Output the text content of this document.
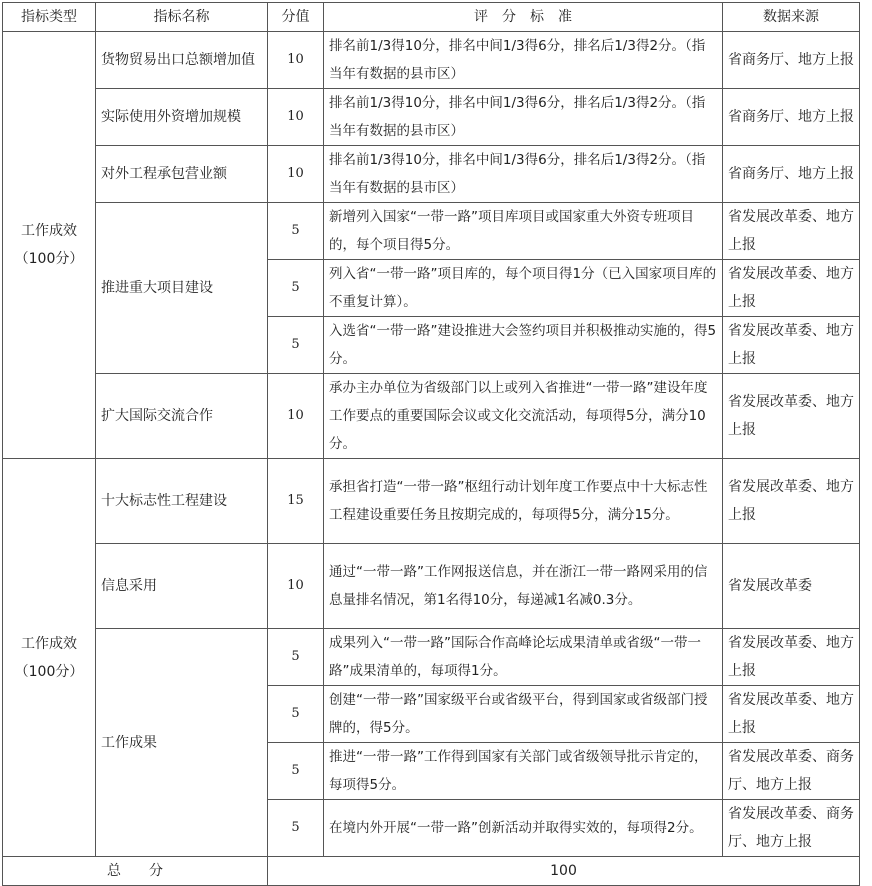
指标类型	指标名称	分值	评　分　标　准	数据来源

工作成效
（100分）	货物贸易出口总额增加值	10	排名前1/3得10分，排名中间1/3得6分，排名后1/3得2分。（指当年有数据的县市区）	省商务厅、地方上报
	实际使用外资增加规模	10	排名前1/3得10分，排名中间1/3得6分，排名后1/3得2分。（指当年有数据的县市区）	省商务厅、地方上报
	对外工程承包营业额	10	排名前1/3得10分，排名中间1/3得6分，排名后1/3得2分。（指当年有数据的县市区）	省商务厅、地方上报
	推进重大项目建设	5	新增列入国家“一带一路”项目库项目或国家重大外资专班项目的，每个项目得5分。	省发展改革委、地方上报
		5	列入省“一带一路”项目库的，每个项目得1分（已入国家项目库的不重复计算）。	省发展改革委、地方上报
		5	入选省“一带一路”建设推进大会签约项目并积极推动实施的，得5分。	省发展改革委、地方上报
	扩大国际交流合作	10	承办主办单位为省级部门以上或列入省推进“一带一路”建设年度工作要点的重要国际会议或文化交流活动，每项得5分，满分10分。	省发展改革委、地方上报

工作成效
（100分）	十大标志性工程建设	15	承担省打造“一带一路”枢纽行动计划年度工作要点中十大标志性工程建设重要任务且按期完成的，每项得5分，满分15分。	省发展改革委、地方上报
	信息采用	10	通过“一带一路”工作网报送信息，并在浙江一带一路网采用的信息量排名情况，第1名得10分，每递减1名减0.3分。	省发展改革委
	工作成果	5	成果列入“一带一路”国际合作高峰论坛成果清单或省级“一带一路”成果清单的，每项得1分。	省发展改革委、地方上报
		5	创建“一带一路”国家级平台或省级平台，得到国家或省级部门授牌的，得5分。	省发展改革委、地方上报
		5	推进“一带一路”工作得到国家有关部门或省级领导批示肯定的，每项得5分。	省发展改革委、商务厅、地方上报
		5	在境内外开展“一带一路”创新活动并取得实效的，每项得2分。	省发展改革委、商务厅、地方上报
总　　分		100		
